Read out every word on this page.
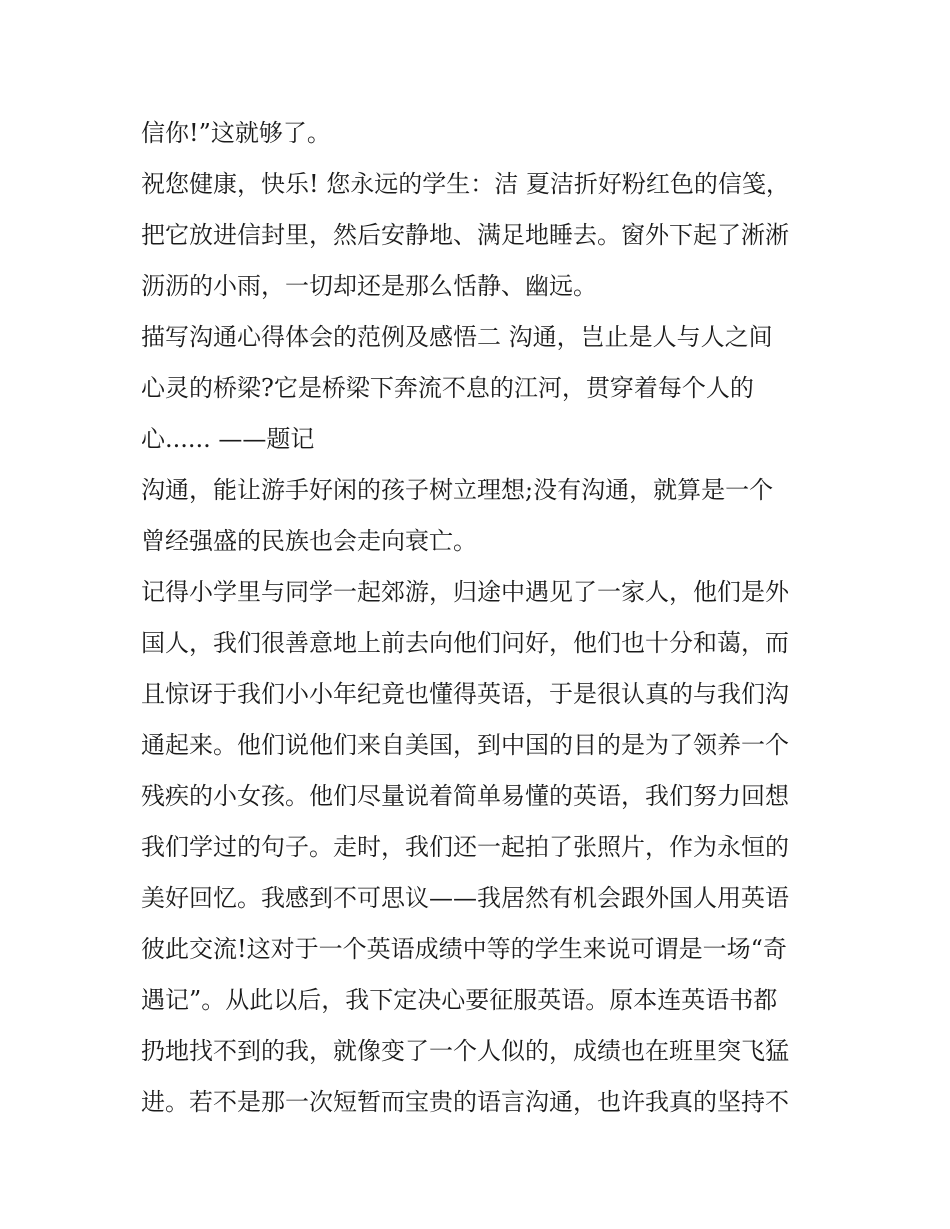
信你!”这就够了。
祝您健康，快乐! 您永远的学生：洁 夏洁折好粉红色的信笺，
把它放进信封里，然后安静地、满足地睡去。窗外下起了淅淅
沥沥的小雨，一切却还是那么恬静、幽远。
描写沟通心得体会的范例及感悟二 沟通，岂止是人与人之间
心灵的桥梁?它是桥梁下奔流不息的江河，贯穿着每个人的
心...... ——题记
沟通，能让游手好闲的孩子树立理想;没有沟通，就算是一个
曾经强盛的民族也会走向衰亡。
记得小学里与同学一起郊游，归途中遇见了一家人，他们是外
国人，我们很善意地上前去向他们问好，他们也十分和蔼，而
且惊讶于我们小小年纪竟也懂得英语，于是很认真的与我们沟
通起来。他们说他们来自美国，到中国的目的是为了领养一个
残疾的小女孩。他们尽量说着简单易懂的英语，我们努力回想
我们学过的句子。走时，我们还一起拍了张照片，作为永恒的
美好回忆。我感到不可思议——我居然有机会跟外国人用英语
彼此交流!这对于一个英语成绩中等的学生来说可谓是一场“奇
遇记”。从此以后，我下定决心要征服英语。原本连英语书都
扔地找不到的我，就像变了一个人似的，成绩也在班里突飞猛
进。若不是那一次短暂而宝贵的语言沟通，也许我真的坚持不
